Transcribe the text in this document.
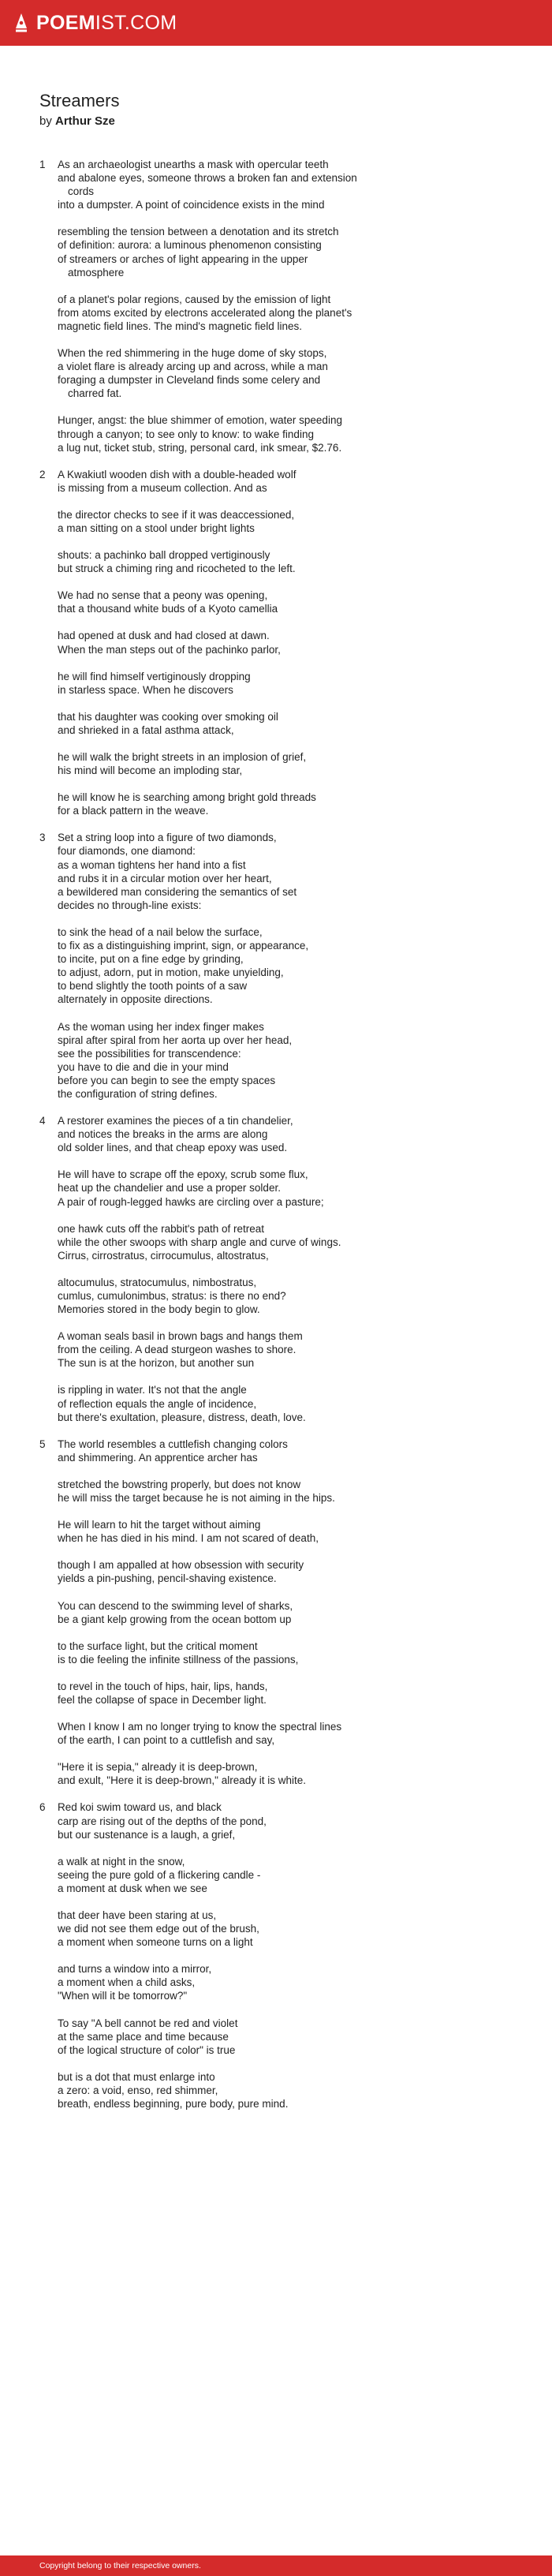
POEMIST.COM
Streamers
by Arthur Sze
1 As an archaeologist unearths a mask with opercular teeth
and abalone eyes, someone throws a broken fan and extension
cords
into a dumpster. A point of coincidence exists in the mind
resembling the tension between a denotation and its stretch
of definition: aurora: a luminous phenomenon consisting
of streamers or arches of light appearing in the upper
atmosphere
of a planet's polar regions, caused by the emission of light
from atoms excited by electrons accelerated along the planet's
magnetic field lines. The mind's magnetic field lines.
When the red shimmering in the huge dome of sky stops,
a violet flare is already arcing up and across, while a man
foraging a dumpster in Cleveland finds some celery and
charred fat.
Hunger, angst: the blue shimmer of emotion, water speeding
through a canyon; to see only to know: to wake finding
a lug nut, ticket stub, string, personal card, ink smear, $2.76.
2 A Kwakiutl wooden dish with a double-headed wolf
is missing from a museum collection. And as
the director checks to see if it was deaccessioned,
a man sitting on a stool under bright lights
shouts: a pachinko ball dropped vertiginously
but struck a chiming ring and ricocheted to the left.
We had no sense that a peony was opening,
that a thousand white buds of a Kyoto camellia
had opened at dusk and had closed at dawn.
When the man steps out of the pachinko parlor,
he will find himself vertiginously dropping
in starless space. When he discovers
that his daughter was cooking over smoking oil
and shrieked in a fatal asthma attack,
he will walk the bright streets in an implosion of grief,
his mind will become an imploding star,
he will know he is searching among bright gold threads
for a black pattern in the weave.
3 Set a string loop into a figure of two diamonds,
four diamonds, one diamond:
as a woman tightens her hand into a fist
and rubs it in a circular motion over her heart,
a bewildered man considering the semantics of set
decides no through-line exists:
to sink the head of a nail below the surface,
to fix as a distinguishing imprint, sign, or appearance,
to incite, put on a fine edge by grinding,
to adjust, adorn, put in motion, make unyielding,
to bend slightly the tooth points of a saw
alternately in opposite directions.
As the woman using her index finger makes
spiral after spiral from her aorta up over her head,
see the possibilities for transcendence:
you have to die and die in your mind
before you can begin to see the empty spaces
the configuration of string defines.
4 A restorer examines the pieces of a tin chandelier,
and notices the breaks in the arms are along
old solder lines, and that cheap epoxy was used.
He will have to scrape off the epoxy, scrub some flux,
heat up the chandelier and use a proper solder.
A pair of rough-legged hawks are circling over a pasture;
one hawk cuts off the rabbit's path of retreat
while the other swoops with sharp angle and curve of wings.
Cirrus, cirrostratus, cirrocumulus, altostratus,
altocumulus, stratocumulus, nimbostratus,
cumlus, cumulonimbus, stratus: is there no end?
Memories stored in the body begin to glow.
A woman seals basil in brown bags and hangs them
from the ceiling. A dead sturgeon washes to shore.
The sun is at the horizon, but another sun
is rippling in water. It's not that the angle
of reflection equals the angle of incidence,
but there's exultation, pleasure, distress, death, love.
5 The world resembles a cuttlefish changing colors
and shimmering. An apprentice archer has
stretched the bowstring properly, but does not know
he will miss the target because he is not aiming in the hips.
He will learn to hit the target without aiming
when he has died in his mind. I am not scared of death,
though I am appalled at how obsession with security
yields a pin-pushing, pencil-shaving existence.
You can descend to the swimming level of sharks,
be a giant kelp growing from the ocean bottom up
to the surface light, but the critical moment
is to die feeling the infinite stillness of the passions,
to revel in the touch of hips, hair, lips, hands,
feel the collapse of space in December light.
When I know I am no longer trying to know the spectral lines
of the earth, I can point to a cuttlefish and say,
"Here it is sepia," already it is deep-brown,
and exult, "Here it is deep-brown," already it is white.
6 Red koi swim toward us, and black
carp are rising out of the depths of the pond,
but our sustenance is a laugh, a grief,
a walk at night in the snow,
seeing the pure gold of a flickering candle -
a moment at dusk when we see
that deer have been staring at us,
we did not see them edge out of the brush,
a moment when someone turns on a light
and turns a window into a mirror,
a moment when a child asks,
"When will it be tomorrow?"
To say "A bell cannot be red and violet
at the same place and time because
of the logical structure of color" is true
but is a dot that must enlarge into
a zero: a void, enso, red shimmer,
breath, endless beginning, pure body, pure mind.
Copyright belong to their respective owners.
